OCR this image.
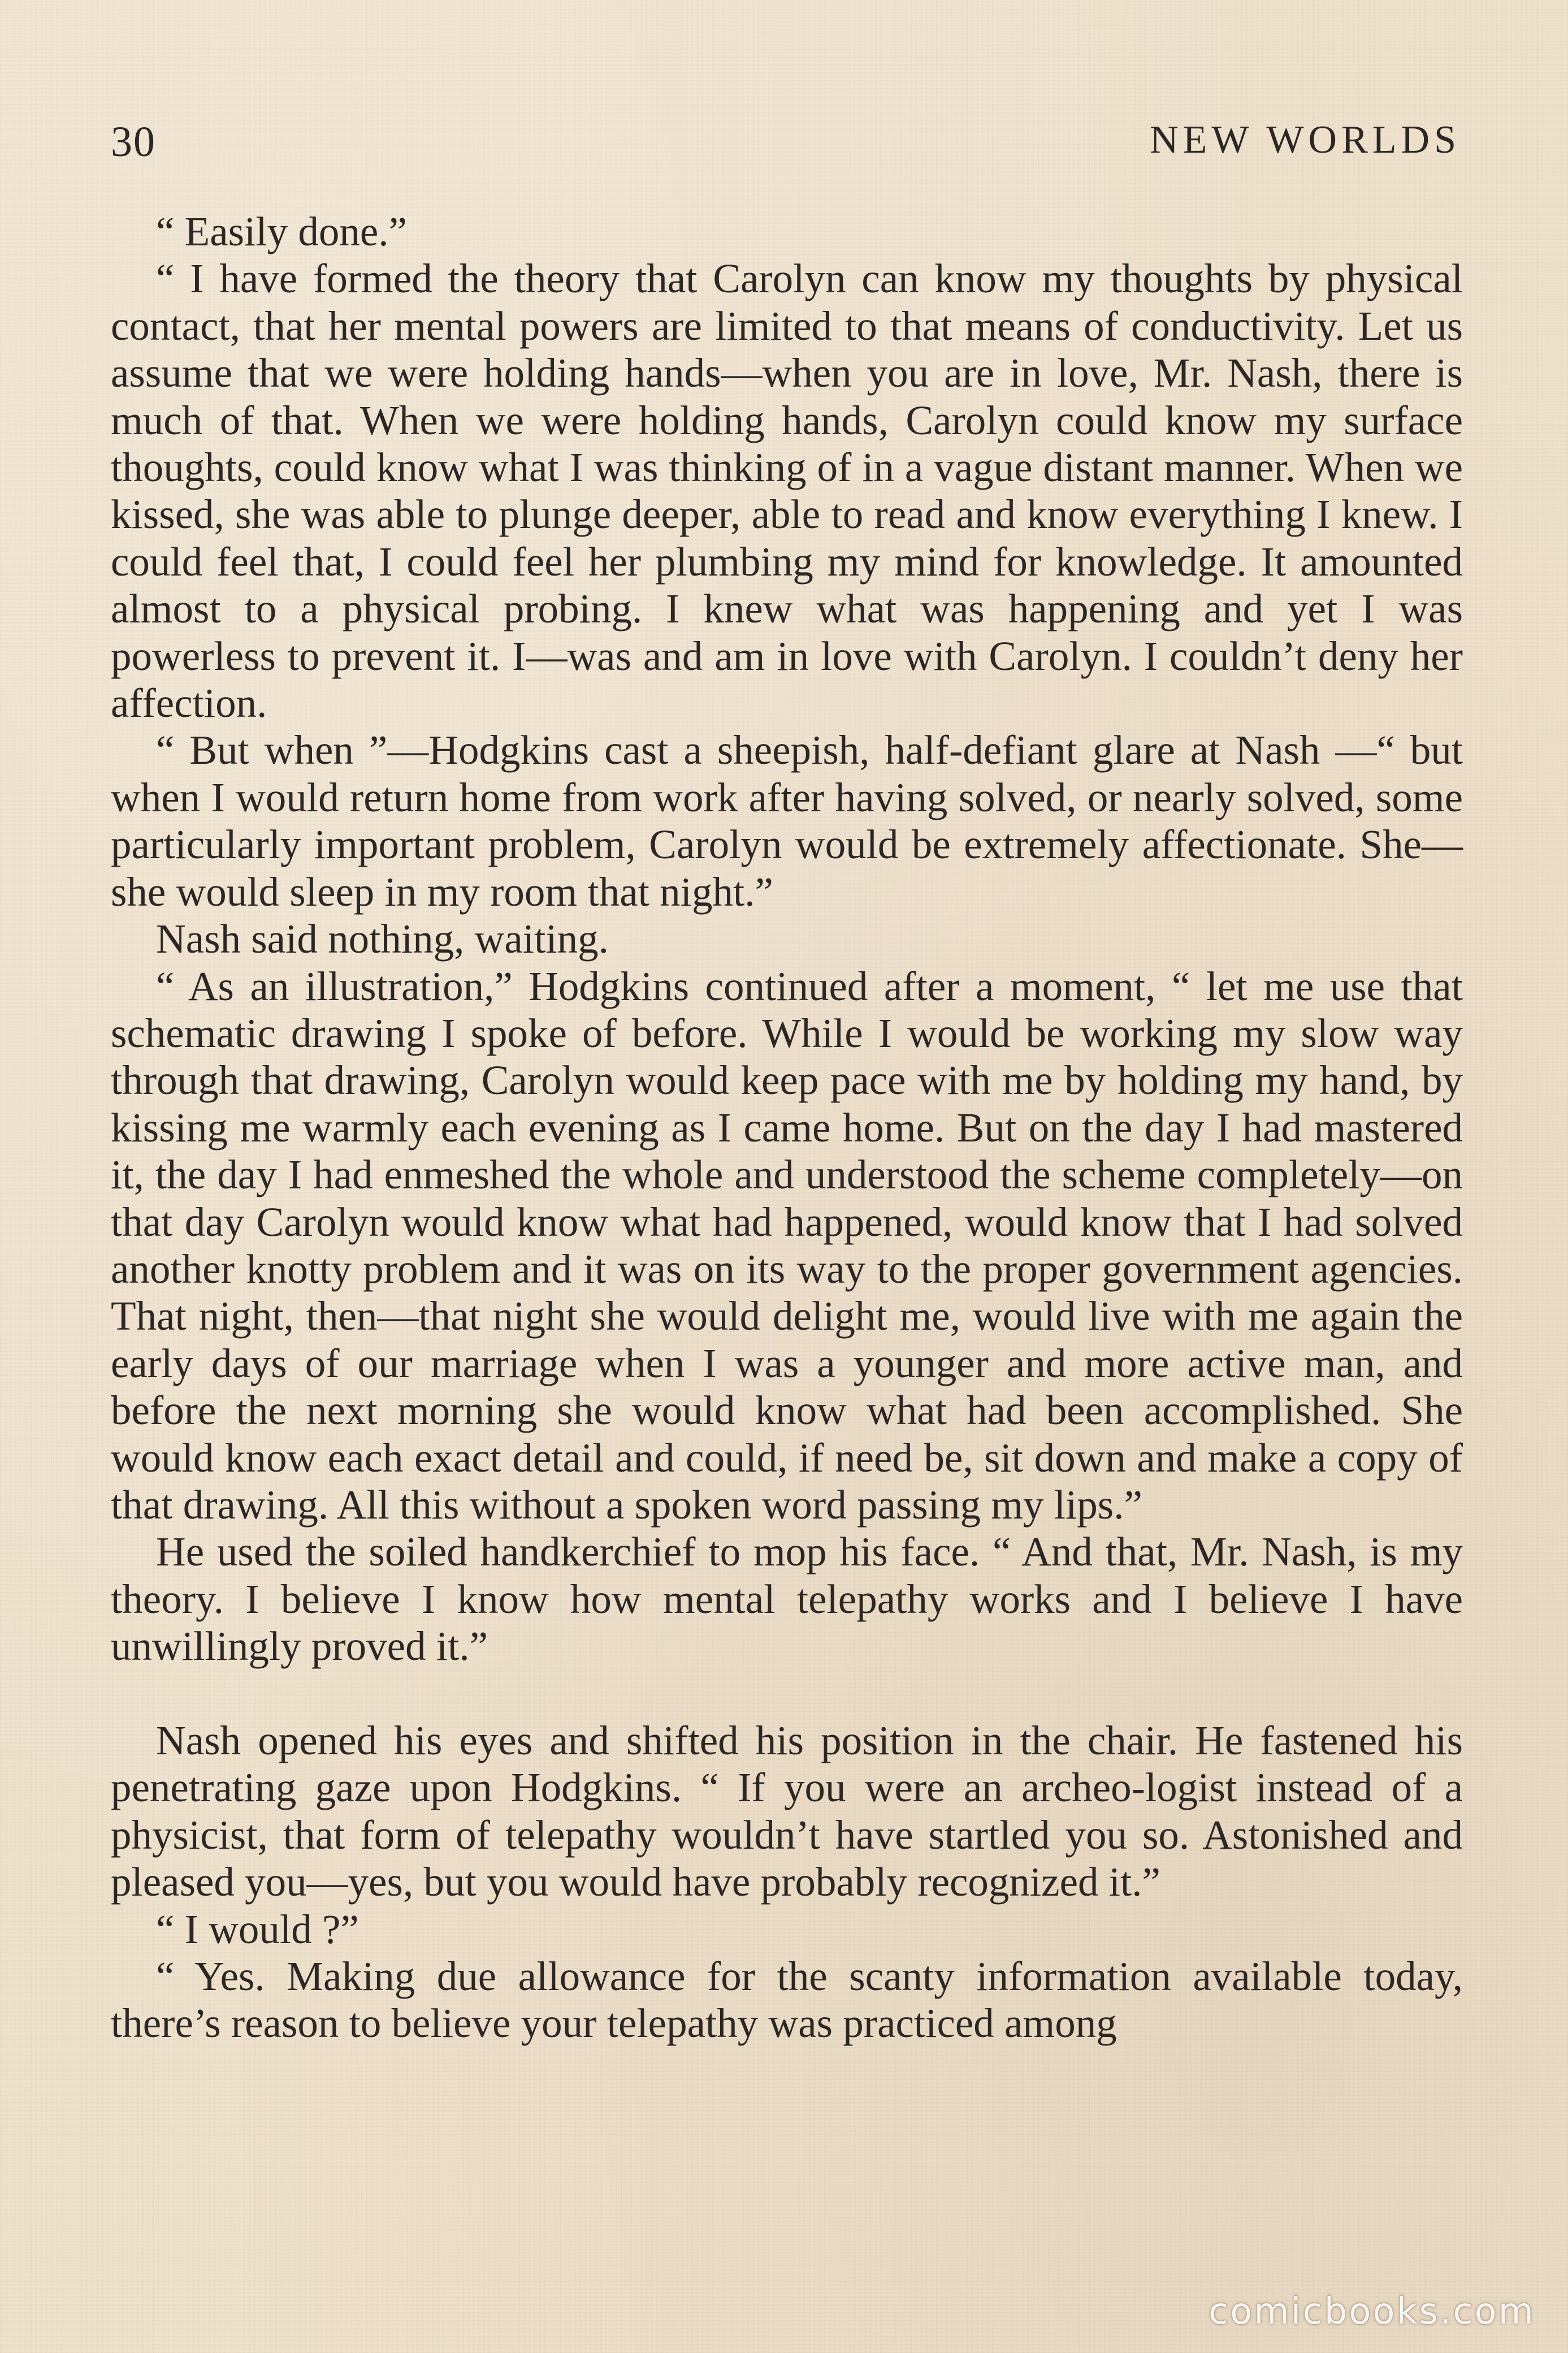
30	NEW WORLDS

“ Easily done.”

“ I have formed the theory that Carolyn can know my thoughts by physical contact, that her mental powers are limited to that means of conductivity. Let us assume that we were holding hands—when you are in love, Mr. Nash, there is much of that. When we were holding hands, Carolyn could know my surface thoughts, could know what I was thinking of in a vague distant manner. When we kissed, she was able to plunge deeper, able to read and know everything I knew. I could feel that, I could feel her plumbing my mind for knowledge. It amounted almost to a physical probing. I knew what was happening and yet I was powerless to prevent it. I—was and am in love with Carolyn. I couldn’t deny her affection.

“ But when ”—Hodgkins cast a sheepish, half-defiant glare at Nash —“ but when I would return home from work after having solved, or nearly solved, some particularly important problem, Carolyn would be extremely affectionate. She—she would sleep in my room that night.”

Nash said nothing, waiting.

“ As an illustration,” Hodgkins continued after a moment, “ let me use that schematic drawing I spoke of before. While I would be working my slow way through that drawing, Carolyn would keep pace with me by holding my hand, by kissing me warmly each evening as I came home. But on the day I had mastered it, the day I had enmeshed the whole and understood the scheme completely—on that day Carolyn would know what had happened, would know that I had solved another knotty problem and it was on its way to the proper government agencies. That night, then—that night she would delight me, would live with me again the early days of our marriage when I was a younger and more active man, and before the next morning she would know what had been accomplished. She would know each exact detail and could, if need be, sit down and make a copy of that drawing. All this without a spoken word passing my lips.”

He used the soiled handkerchief to mop his face. “ And that, Mr. Nash, is my theory. I believe I know how mental telepathy works and I believe I have unwillingly proved it.”

Nash opened his eyes and shifted his position in the chair. He fastened his penetrating gaze upon Hodgkins. “ If you were an archeo-logist instead of a physicist, that form of telepathy wouldn’t have startled you so. Astonished and pleased you—yes, but you would have probably recognized it.”

“ I would ?”

“ Yes. Making due allowance for the scanty information available today, there’s reason to believe your telepathy was practiced among

comicbooks.com
